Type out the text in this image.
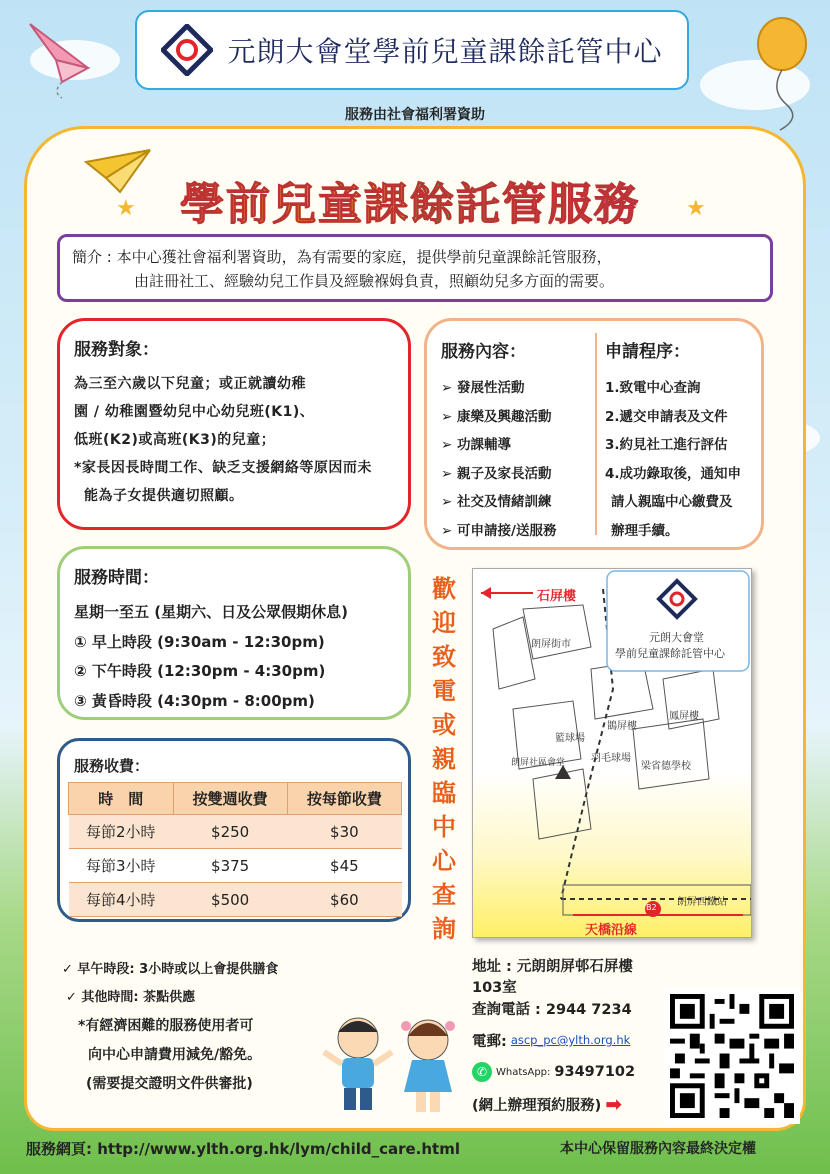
元朗大會堂學前兒童課餘託管中心
服務由社會福利署資助
學前兒童課餘託管服務
簡介 : 本中心獲社會福利署資助，為有需要的家庭，提供學前兒童課餘託管服務，
由註冊社工、經驗幼兒工作員及經驗褓姆負責，照顧幼兒多方面的需要。
服務對象：

為三至六歲以下兒童；或正就讀幼稚

園 / 幼稚園暨幼兒中心幼兒班(K1)、

低班(K2)或高班(K3)的兒童；

*家長因長時間工作、缺乏支援網絡等原因而未

能為子女提供適切照顧。

服務內容：
➢ 發展性活動
➢ 康樂及興趣活動
➢ 功課輔導
➢ 親子及家長活動
➢ 社交及情緒訓練
➢ 可申請接/送服務
申請程序：
1.致電中心查詢
2.遞交申請表及文件
3.約見社工進行評估
4.成功錄取後，通知申
請人親臨中心繳費及
辦理手續。
服務時間：

星期一至五 (星期六、日及公眾假期休息)

① 早上時段 (9:30am - 12:30pm)

② 下午時段 (12:30pm - 4:30pm)

③ 黃昏時段 (4:30pm - 8:00pm)

服務收費：
時　間	按雙週收費	按每節收費
每節2小時	$250	$30
每節3小時	$375	$45
每節4小時	$500	$60
歡迎致電或親臨中心查詢
元朗大會堂
學前兒童課餘託管中心
石屏樓
朗屏街市
鵲屏樓
鳳屏樓
籃球場
羽毛球場
梁省德學校
朗屏社區會堂
朗屏西鐵站
天橋沿線
B2
✓ 早午時段: 3小時或以上會提供膳食
✓ 其他時間: 茶點供應
*有經濟困難的服務使用者可
向中心申請費用減免/豁免。
(需要提交證明文件供審批)
地址 : 元朗朗屏邨石屏樓103室
查詢電話 : 2944 7234
電郵: ascp_pc@ylth.org.hk
✆ WhatsApp: 93497102
(網上辦理預約服務) ➡
服務網頁: http://www.ylth.org.hk/lym/child_care.html	本中心保留服務內容最終決定權
